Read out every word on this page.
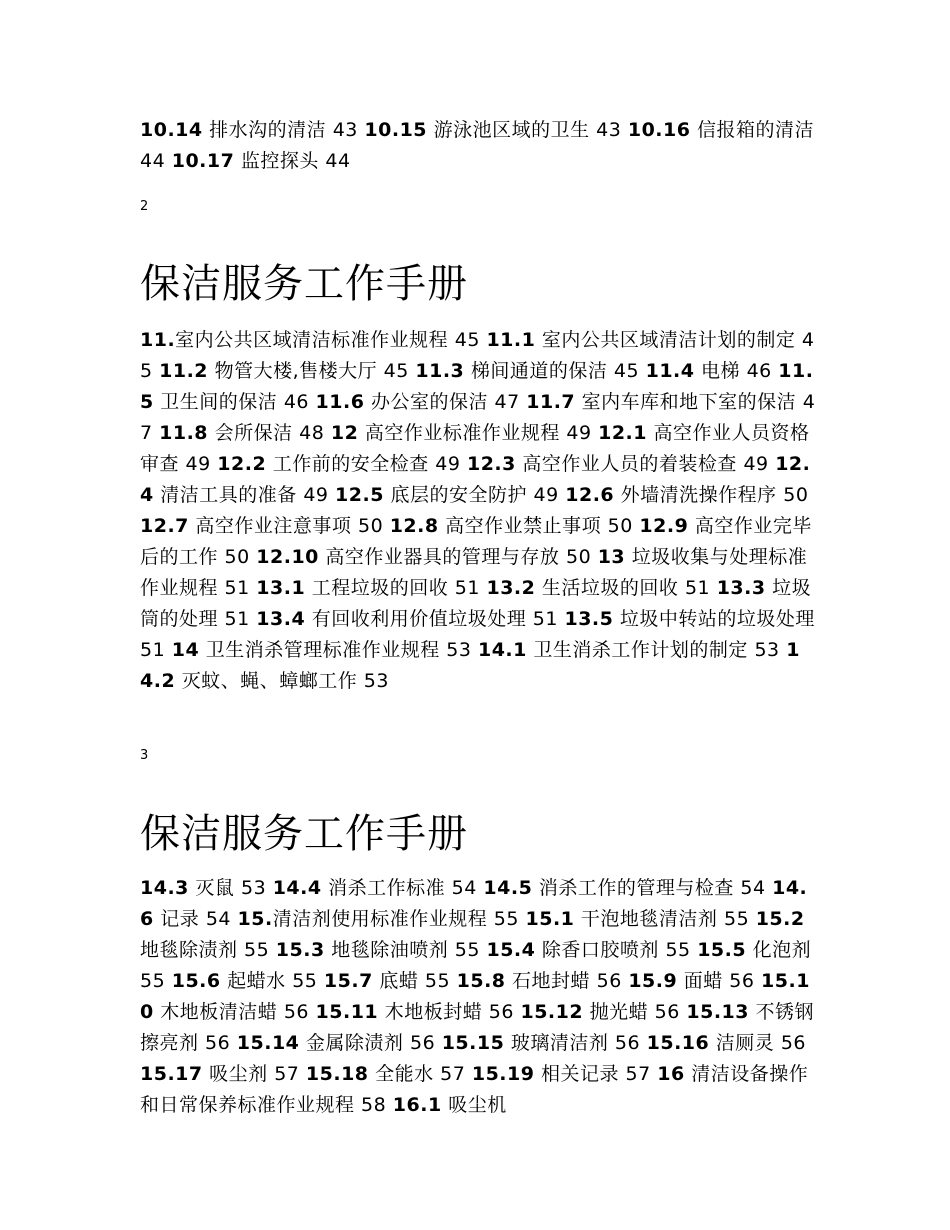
10.14 排水沟的清洁 43 10.15 游泳池区域的卫生 43 10.16 信报箱的清洁 44 10.17 监控探头 44

2

保洁服务工作手册

11.室内公共区域清洁标准作业规程 45 11.1 室内公共区域清洁计划的制定 45 11.2 物管大楼,售楼大厅 45 11.3 梯间通道的保洁 45 11.4 电梯 46 11.5 卫生间的保洁 46 11.6 办公室的保洁 47 11.7 室内车库和地下室的保洁 47 11.8 会所保洁 48 12 高空作业标准作业规程 49 12.1 高空作业人员资格审查 49 12.2 工作前的安全检查 49 12.3 高空作业人员的着装检查 49 12.4 清洁工具的准备 49 12.5 底层的安全防护 49 12.6 外墙清洗操作程序 50 12.7 高空作业注意事项 50 12.8 高空作业禁止事项 50 12.9 高空作业完毕后的工作 50 12.10 高空作业器具的管理与存放 50 13 垃圾收集与处理标准作业规程 51 13.1 工程垃圾的回收 51 13.2 生活垃圾的回收 51 13.3 垃圾筒的处理 51 13.4 有回收利用价值垃圾处理 51 13.5 垃圾中转站的垃圾处理 51 14 卫生消杀管理标准作业规程 53 14.1 卫生消杀工作计划的制定 53 14.2 灭蚊、蝇、蟑螂工作 53

3

保洁服务工作手册

14.3 灭鼠 53 14.4 消杀工作标准 54 14.5 消杀工作的管理与检查 54 14.6 记录 54 15.清洁剂使用标准作业规程 55 15.1 干泡地毯清洁剂 55 15.2 地毯除渍剂 55 15.3 地毯除油喷剂 55 15.4 除香口胶喷剂 55 15.5 化泡剂 55 15.6 起蜡水 55 15.7 底蜡 55 15.8 石地封蜡 56 15.9 面蜡 56 15.10 木地板清洁蜡 56 15.11 木地板封蜡 56 15.12 抛光蜡 56 15.13 不锈钢擦亮剂 56 15.14 金属除渍剂 56 15.15 玻璃清洁剂 56 15.16 洁厕灵 56 15.17 吸尘剂 57 15.18 全能水 57 15.19 相关记录 57 16 清洁设备操作和日常保养标准作业规程 58 16.1 吸尘机
